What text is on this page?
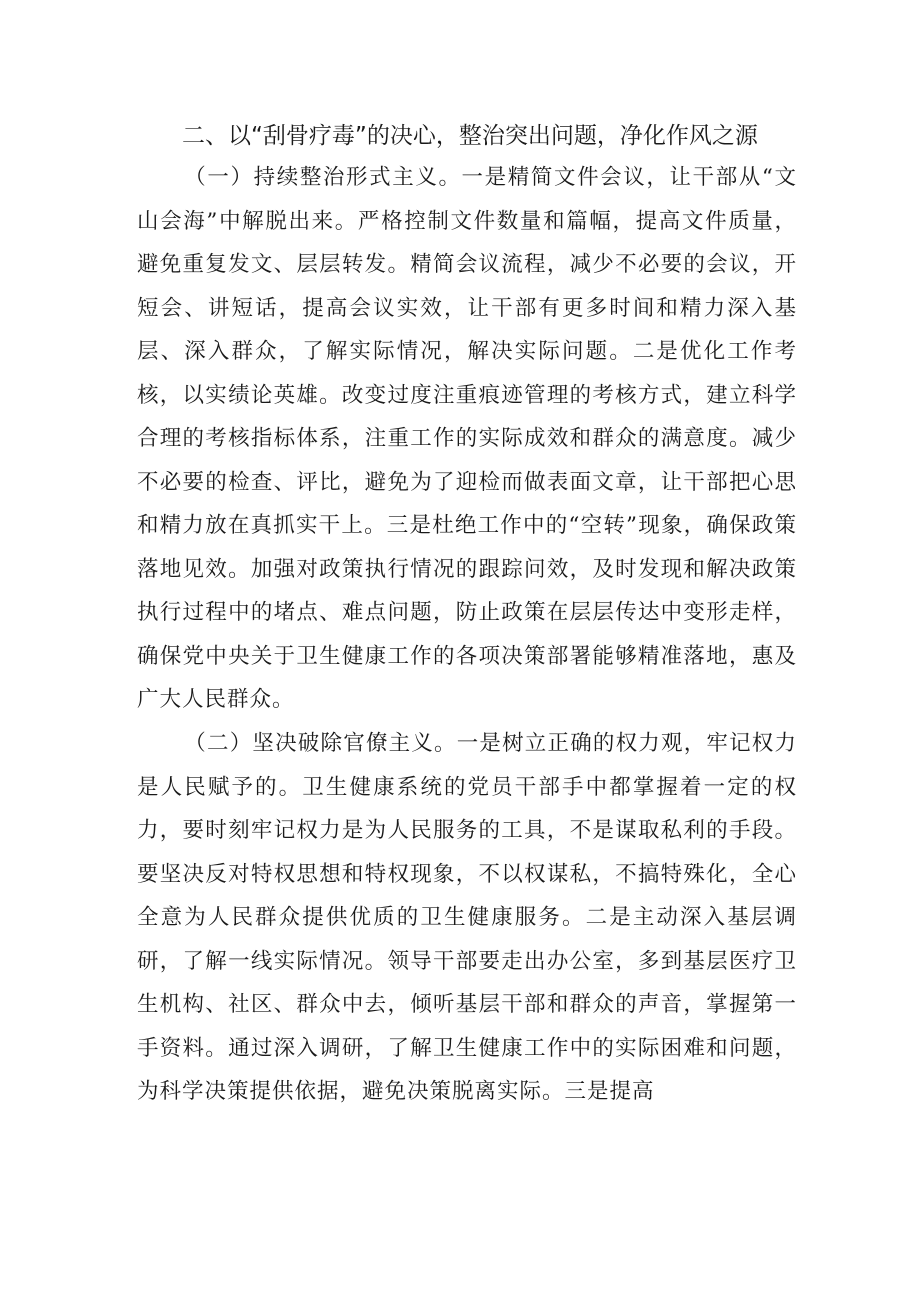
二、以“刮骨疗毒”的决心，整治突出问题，净化作风之源

（一）持续整治形式主义。一是精简文件会议，让干部从“文山会海”中解脱出来。严格控制文件数量和篇幅，提高文件质量，避免重复发文、层层转发。精简会议流程，减少不必要的会议，开短会、讲短话，提高会议实效，让干部有更多时间和精力深入基层、深入群众，了解实际情况，解决实际问题。二是优化工作考核，以实绩论英雄。改变过度注重痕迹管理的考核方式，建立科学合理的考核指标体系，注重工作的实际成效和群众的满意度。减少不必要的检查、评比，避免为了迎检而做表面文章，让干部把心思和精力放在真抓实干上。三是杜绝工作中的“空转”现象，确保政策落地见效。加强对政策执行情况的跟踪问效，及时发现和解决政策执行过程中的堵点、难点问题，防止政策在层层传达中变形走样，确保党中央关于卫生健康工作的各项决策部署能够精准落地，惠及广大人民群众。

（二）坚决破除官僚主义。一是树立正确的权力观，牢记权力是人民赋予的。卫生健康系统的党员干部手中都掌握着一定的权力，要时刻牢记权力是为人民服务的工具，不是谋取私利的手段。要坚决反对特权思想和特权现象，不以权谋私，不搞特殊化，全心全意为人民群众提供优质的卫生健康服务。二是主动深入基层调研，了解一线实际情况。领导干部要走出办公室，多到基层医疗卫生机构、社区、群众中去，倾听基层干部和群众的声音，掌握第一手资料。通过深入调研，了解卫生健康工作中的实际困难和问题，为科学决策提供依据，避免决策脱离实际。三是提高
